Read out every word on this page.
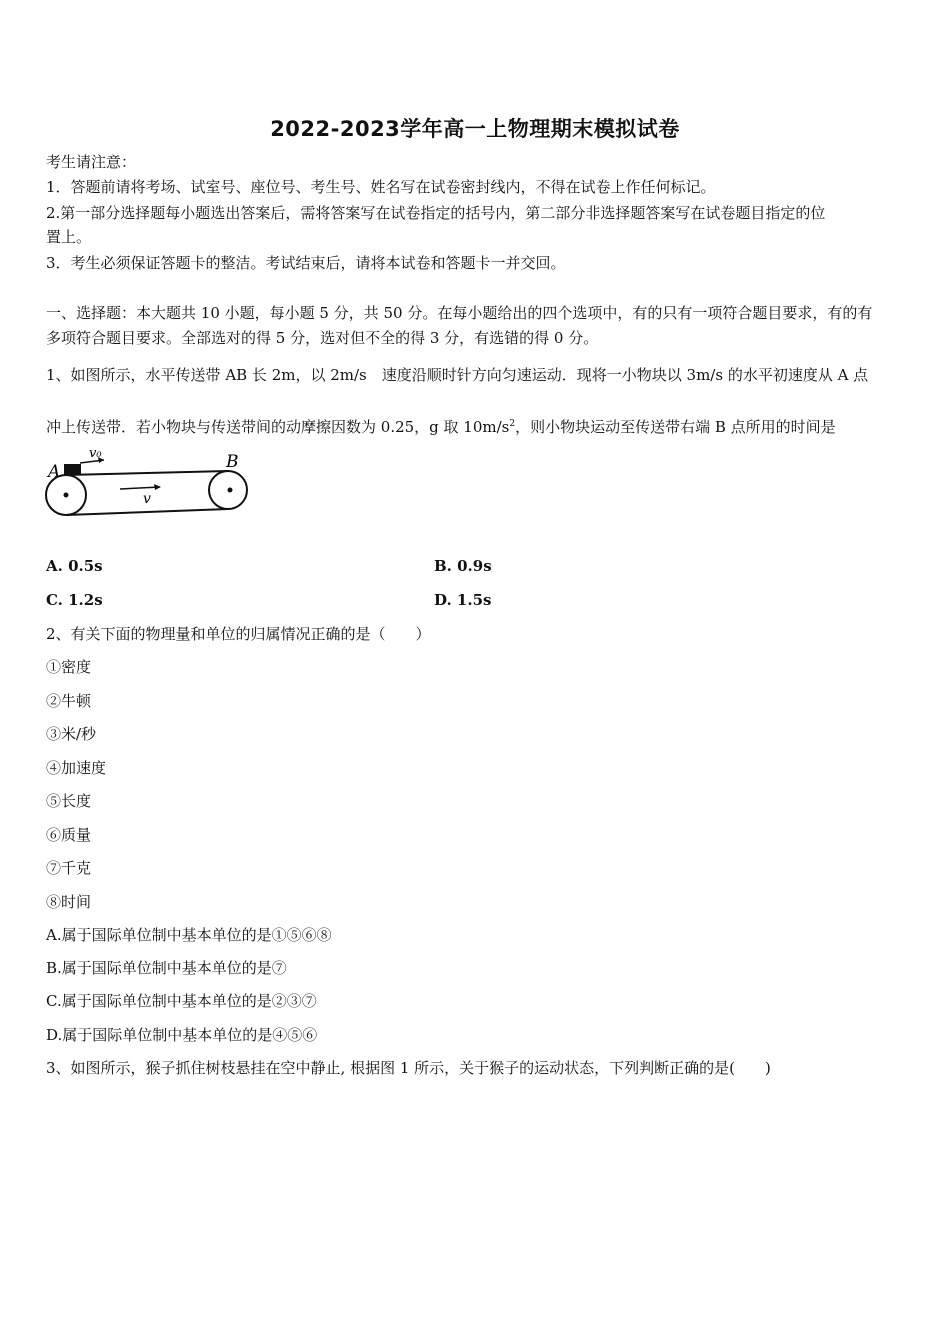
2022-2023学年高一上物理期末模拟试卷
考生请注意：
1．答题前请将考场、试室号、座位号、考生号、姓名写在试卷密封线内，不得在试卷上作任何标记。
2.第一部分选择题每小题选出答案后，需将答案写在试卷指定的括号内，第二部分非选择题答案写在试卷题目指定的位
置上。
3．考生必须保证答题卡的整洁。考试结束后，请将本试卷和答题卡一并交回。
一、选择题：本大题共 10 小题，每小题 5 分，共 50 分。在每小题给出的四个选项中，有的只有一项符合题目要求，有的有
多项符合题目要求。全部选对的得 5 分，选对但不全的得 3 分，有选错的得 0 分。
1、如图所示，水平传送带 AB 长 2m，以 2m/s　速度沿顺时针方向匀速运动．现将一小物块以 3m/s 的水平初速度从 A 点
冲上传送带．若小物块与传送带间的动摩擦因数为 0.25，g 取 $10m/s^2$，则小物块运动至传送带右端 B 点所用的时间是
A	B
v₀
v
A. 0.5s	B. 0.9s
C. 1.2s	D. 1.5s
2、有关下面的物理量和单位的归属情况正确的是（　　）
①密度
②牛顿
③米/秒
④加速度
⑤长度
⑥质量
⑦千克
⑧时间
A.属于国际单位制中基本单位的是①⑤⑥⑧
B.属于国际单位制中基本单位的是⑦
C.属于国际单位制中基本单位的是②③⑦
D.属于国际单位制中基本单位的是④⑤⑥
3、如图所示，猴子抓住树枝悬挂在空中静止, 根据图 1 所示，关于猴子的运动状态，下列判断正确的是(　　)
